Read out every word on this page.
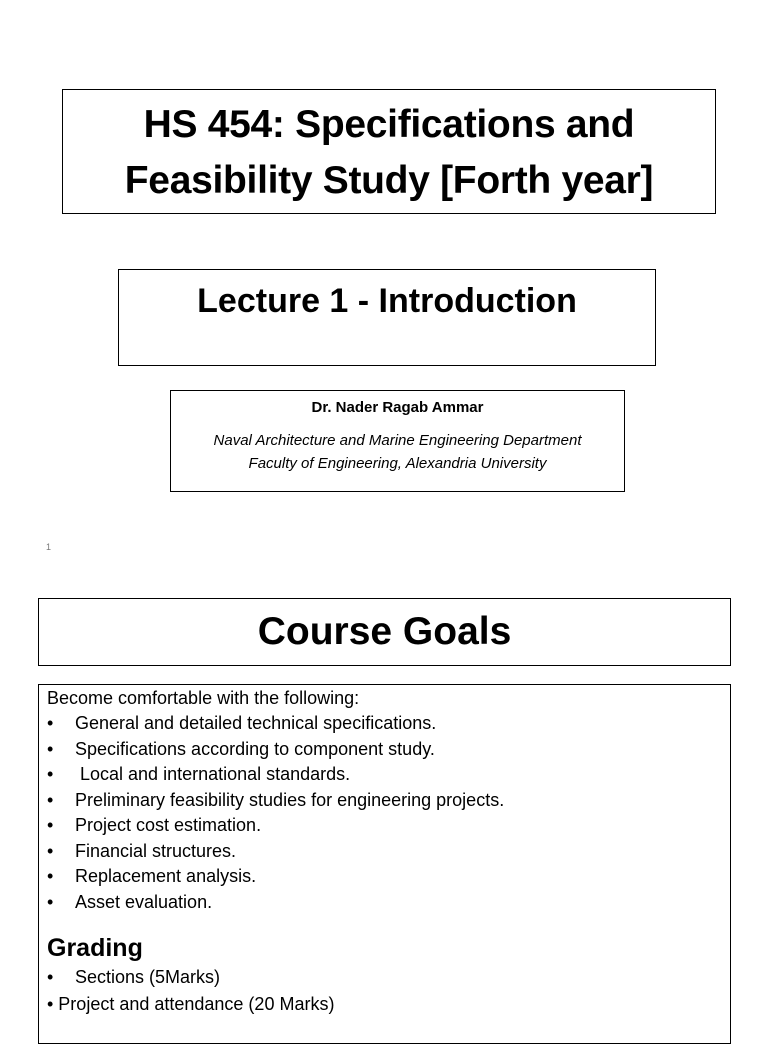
HS 454: Specifications and
Feasibility Study [Forth year]
Lecture 1 - Introduction
Dr. Nader Ragab Ammar
Naval Architecture and Marine Engineering Department
Faculty of Engineering, Alexandria University
1
Course Goals
Become comfortable with the following:
• General and detailed technical specifications.
• Specifications according to component study.
• Local and international standards.
• Preliminary feasibility studies for engineering projects.
• Project cost estimation.
• Financial structures.
• Replacement analysis.
• Asset evaluation.
Grading
• Sections (5Marks)
• Project and attendance (20 Marks)
